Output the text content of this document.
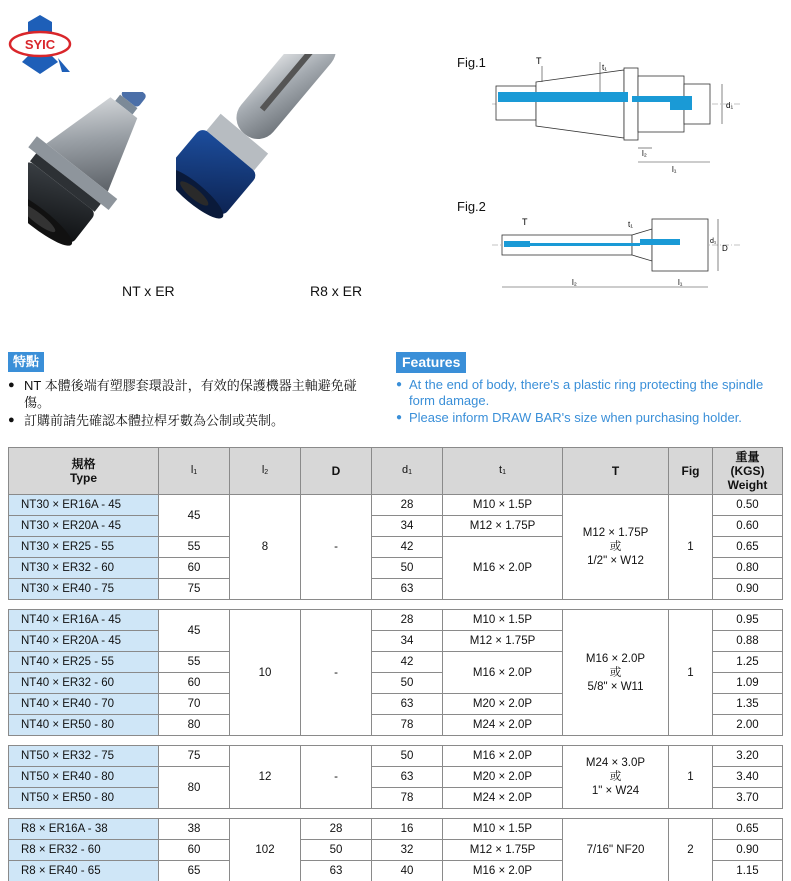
SYIC
NT x ER	R8 x ER
Fig.1	T
t₁
l₂
l₁
d₁
Fig.2
T	t₁
l₂	l₁
d₁
D
特點
● NT 本體後端有塑膠套環設計，有效的保護機器主軸避免碰傷。
● 訂購前請先確認本體拉桿牙數為公制或英制。
Features
● At the end of body, there's a plastic ring protecting the spindle form damage.
● Please inform DRAW BAR's size when purchasing holder.
規格
Type	l1	l2	D	d1	t1	T	Fig	重量
(KGS)
Weight
NT30 × ER16A - 45	45	8	-	28	M10 × 1.5P	M12 × 1.75P
或
1/2" × W12	1	0.50
NT30 × ER20A - 45				34	M12 × 1.75P			0.60
NT30 × ER25 - 55	55			42	M16 × 2.0P			0.65
NT30 × ER32 - 60	60			50				0.80
NT30 × ER40 - 75	75			63				0.90

NT40 × ER16A - 45	45	10	-	28	M10 × 1.5P	M16 × 2.0P
或
5/8" × W11	1	0.95
NT40 × ER20A - 45				34	M12 × 1.75P			0.88
NT40 × ER25 - 55	55			42	M16 × 2.0P			1.25
NT40 × ER32 - 60	60			50				1.09
NT40 × ER40 - 70	70			63	M20 × 2.0P			1.35
NT40 × ER50 - 80	80			78	M24 × 2.0P			2.00

NT50 × ER32 - 75	75	12	-	50	M16 × 2.0P	M24 × 3.0P
或
1" × W24	1	3.20
NT50 × ER40 - 80	80			63	M20 × 2.0P			3.40
NT50 × ER50 - 80				78	M24 × 2.0P			3.70

R8 × ER16A - 38	38	102	28	16	M10 × 1.5P	7/16" NF20	2	0.65
R8 × ER32 - 60	60		50	32	M12 × 1.75P			0.90
R8 × ER40 - 65	65		63	40	M16 × 2.0P			1.15
